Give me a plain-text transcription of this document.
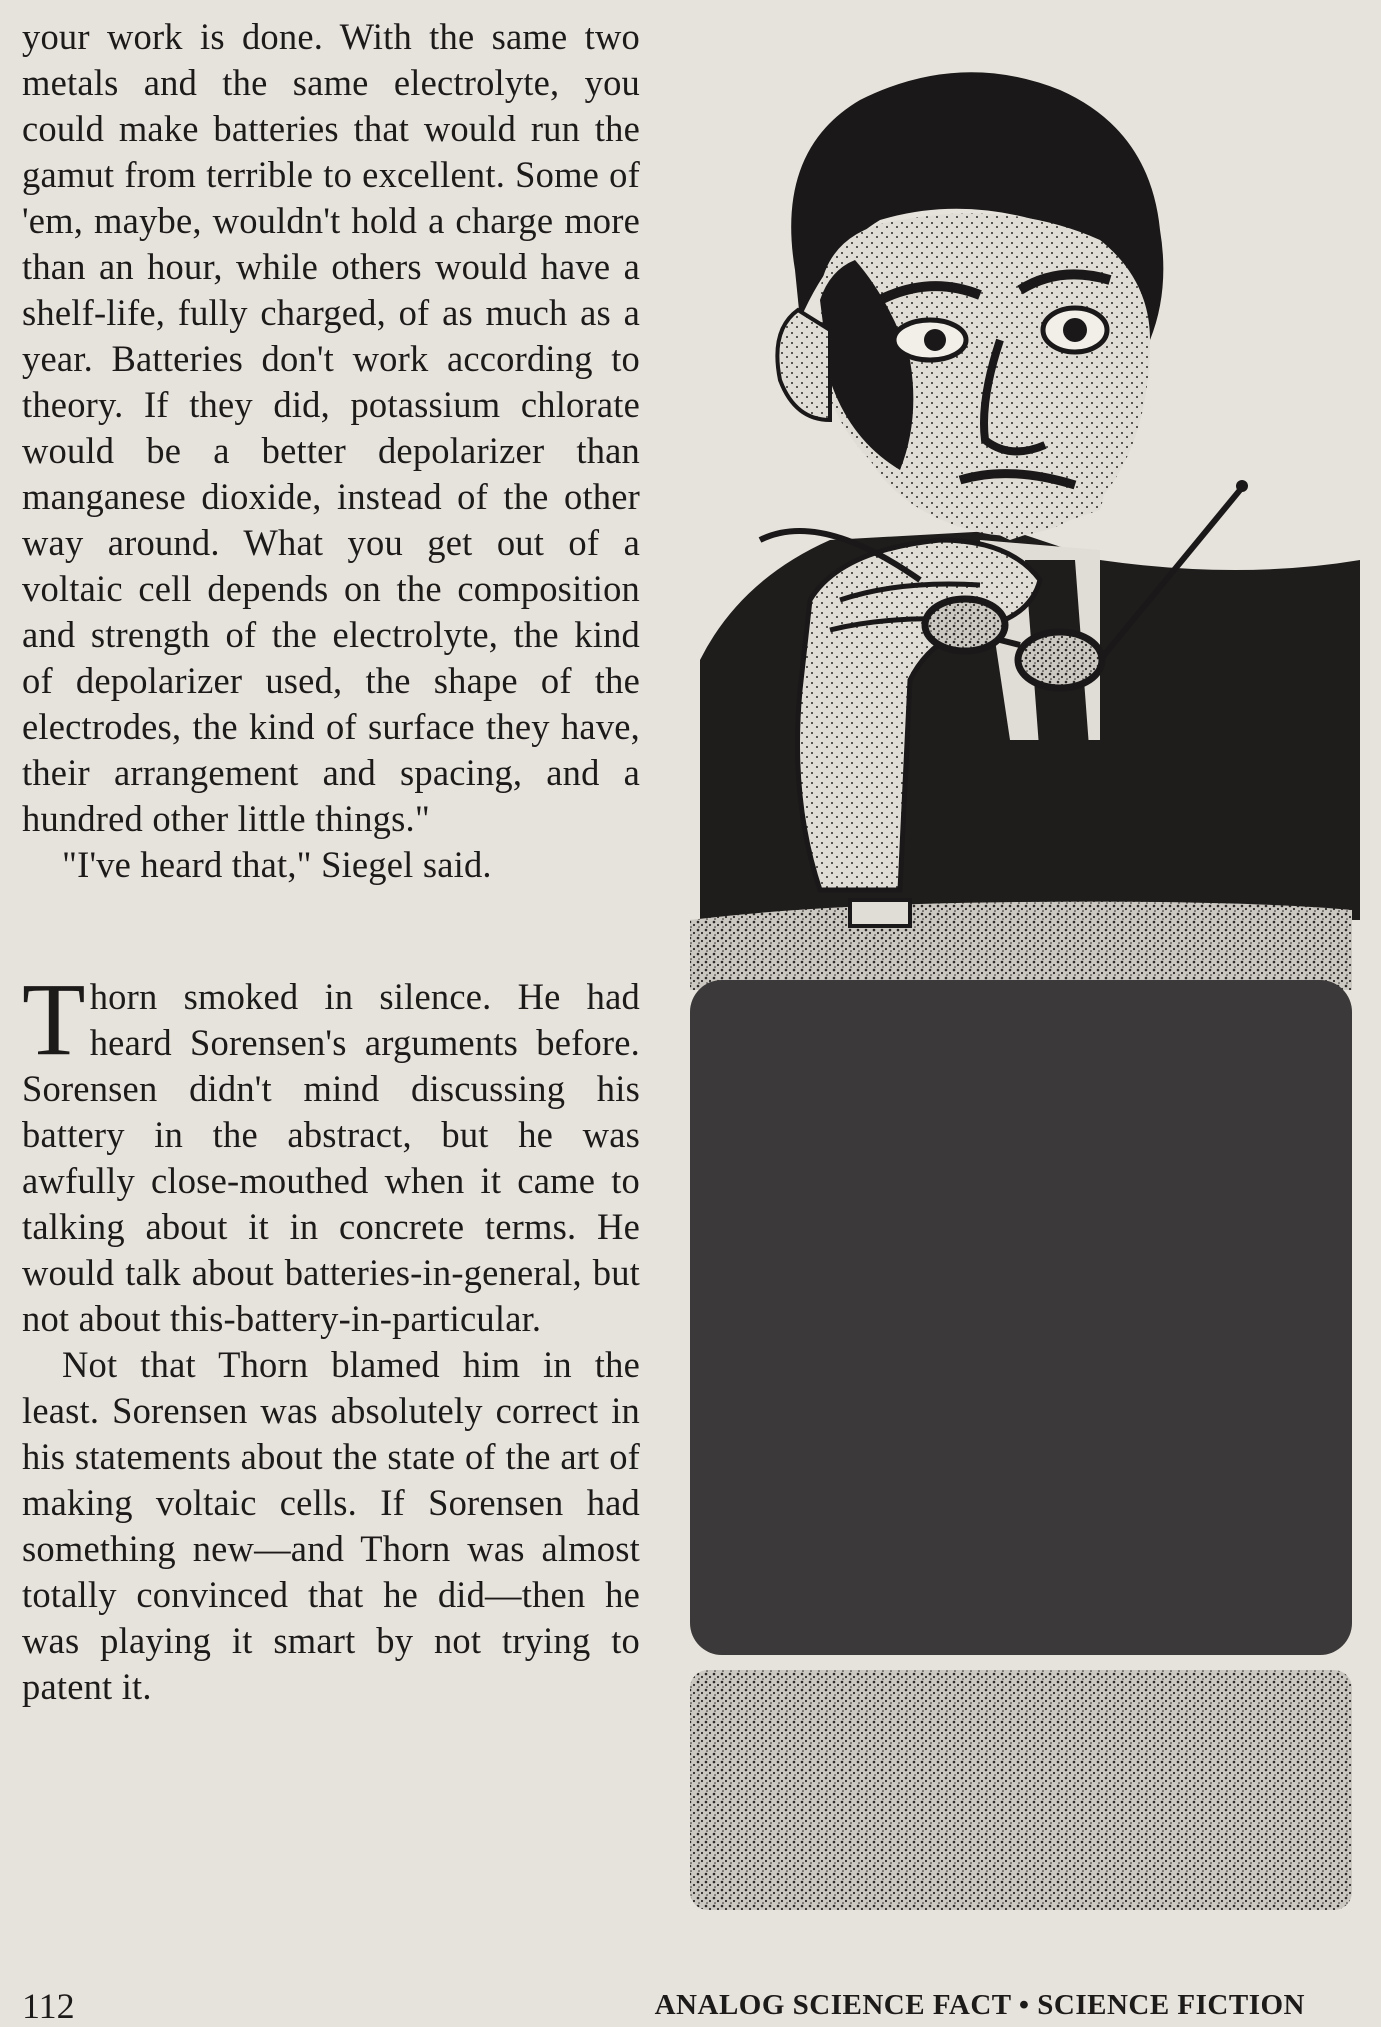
your work is done. With the same two metals and the same electrolyte, you could make batteries that would run the gamut from terrible to excellent. Some of 'em, maybe, wouldn't hold a charge more than an hour, while others would have a shelf-life, fully charged, of as much as a year. Batteries don't work according to theory. If they did, potassium chlorate would be a better depolarizer than manganese dioxide, instead of the other way around. What you get out of a voltaic cell depends on the composition and strength of the electrolyte, the kind of depolarizer used, the shape of the electrodes, the kind of surface they have, their arrangement and spacing, and a hundred other little things."

"I've heard that," Siegel said.

Thorn smoked in silence. He had heard Sorensen's arguments before. Sorensen didn't mind discussing his battery in the abstract, but he was awfully close-mouthed when it came to talking about it in concrete terms. He would talk about batteries-in-general, but not about this-battery-in-particular.

Not that Thorn blamed him in the least. Sorensen was absolutely correct in his statements about the state of the art of making voltaic cells. If Sorensen had something new—and Thorn was almost totally convinced that he did—then he was playing it smart by not trying to patent it.

112	ANALOG SCIENCE FACT • SCIENCE FICTION
